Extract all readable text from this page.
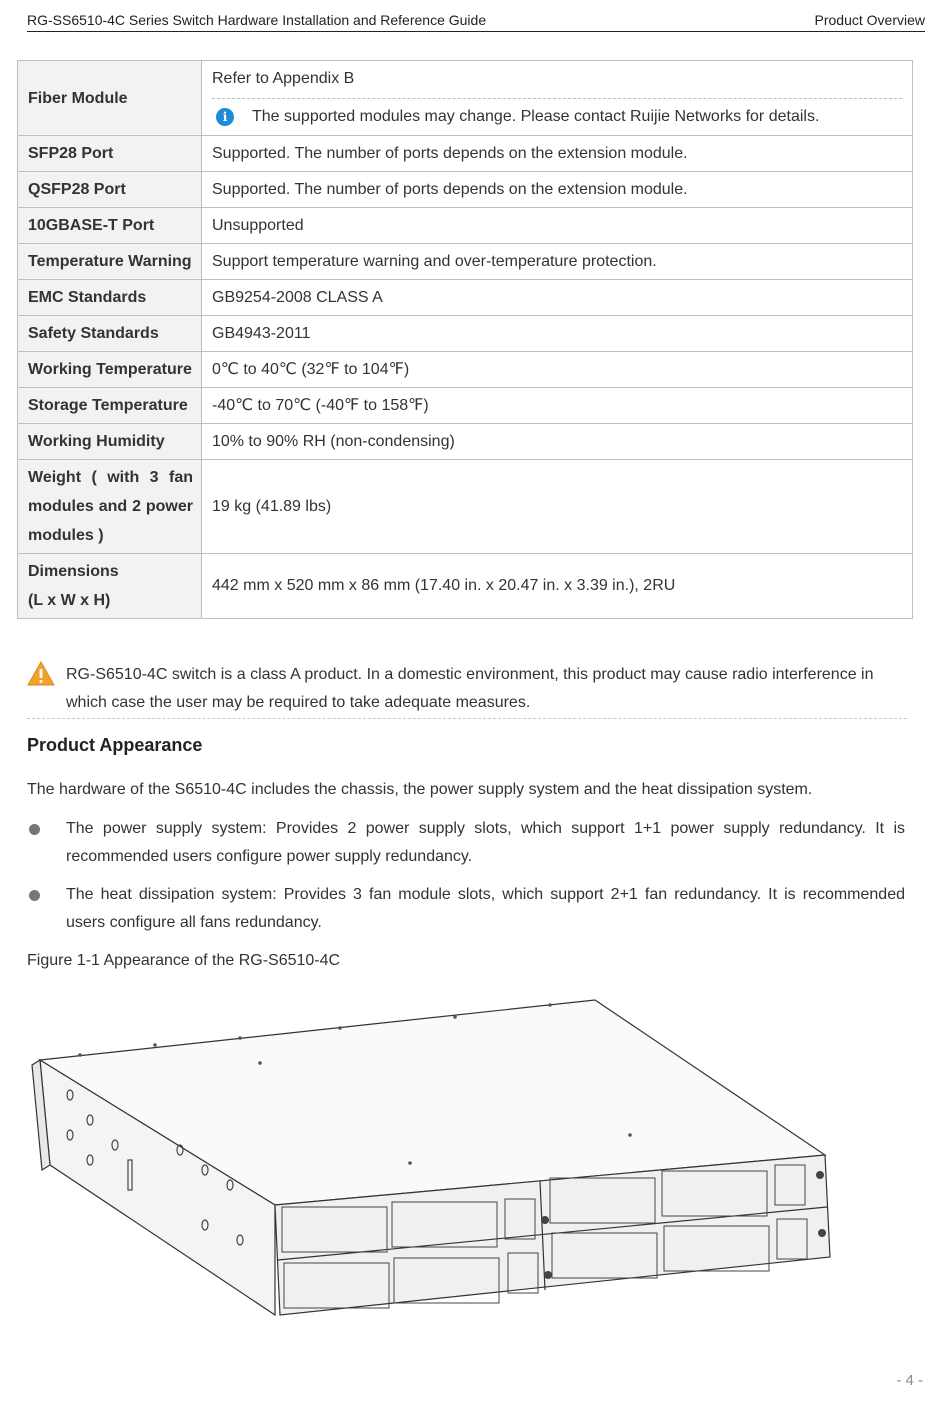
RG-SS6510-4C Series Switch Hardware Installation and Reference Guide	Product Overview
Fiber Module	Refer to Appendix B
i The supported modules may change. Please contact Ruijie Networks for details.

SFP28 Port	Supported. The number of ports depends on the extension module.
QSFP28 Port	Supported. The number of ports depends on the extension module.
10GBASE-T Port	Unsupported
Temperature Warning	Support temperature warning and over-temperature protection.
EMC Standards	GB9254-2008 CLASS A
Safety Standards	GB4943-2011
Working Temperature	0℃ to 40℃ (32℉ to 104℉)
Storage Temperature	-40℃ to 70℃ (-40℉ to 158℉)
Working Humidity	10% to 90% RH (non-condensing)
Weight ( with 3 fan modules and 2 power modules )	19 kg (41.89 lbs)

Dimensions
(L x W x H)	442 mm x 520 mm x 86 mm (17.40 in. x 20.47 in. x 3.39 in.), 2RU
RG-S6510-4C switch is a class A product. In a domestic environment, this product may cause radio interference in which case the user may be required to take adequate measures.
Product Appearance
The hardware of the S6510-4C includes the chassis, the power supply system and the heat dissipation system.
The power supply system: Provides 2 power supply slots, which support 1+1 power supply redundancy. It is recommended users configure power supply redundancy.
The heat dissipation system: Provides 3 fan module slots, which support 2+1 fan redundancy. It is recommended users configure all fans redundancy.
Figure 1-1 Appearance of the RG-S6510-4C
- 4 -
